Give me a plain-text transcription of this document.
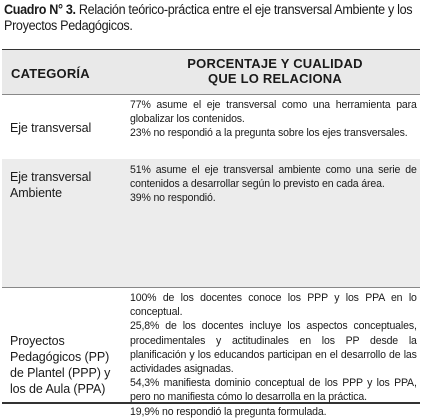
Cuadro N° 3. Relación teórico-práctica entre el eje transversal Ambiente y los Proyectos Pedagógicos.
CATEGORÍA
PORCENTAJE Y CUALIDAD
QUE LO RELACIONA
Eje transversal

77% asume el eje transversal como una herramienta para globalizar los contenidos.

23% no respondió a la pregunta sobre los ejes transversales.

Eje transversal
Ambiente

51% asume el eje transversal ambiente como una serie de contenidos a desarrollar según lo previsto en cada área.

39% no respondió.

Proyectos
Pedagógicos (PP)
de Plantel (PPP) y
los de Aula (PPA)

100% de los docentes conoce los PPP y los PPA en lo conceptual.

25,8% de los docentes incluye los aspectos conceptuales, procedimentales y actitudinales en los PP desde la planificación y los educandos participan en el desarrollo de las actividades asignadas.

54,3% manifiesta dominio conceptual de los PPP y los PPA, pero no manifiesta cómo lo desarrolla en la práctica.

19,9% no respondió la pregunta formulada.
